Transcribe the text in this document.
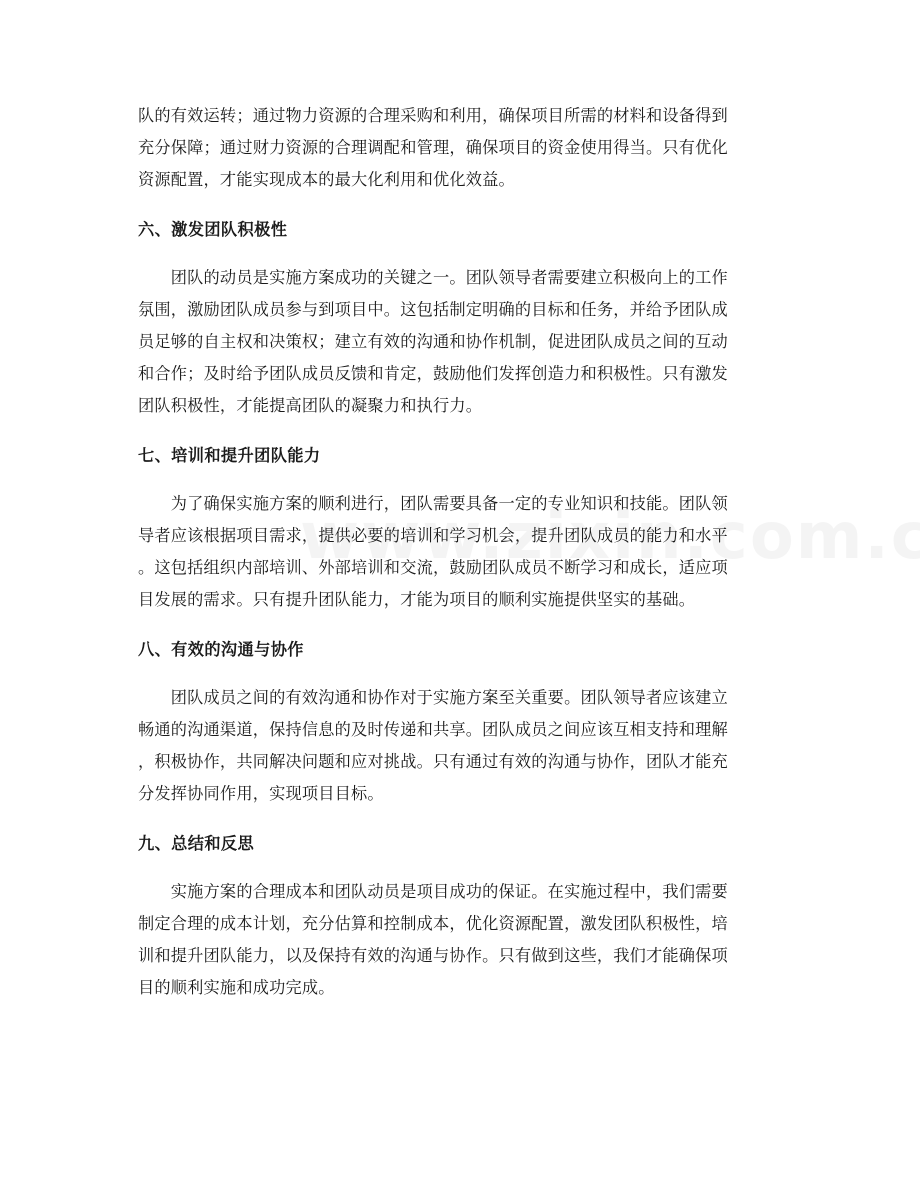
队的有效运转；通过物力资源的合理采购和利用，确保项目所需的材料和设备得到
充分保障；通过财力资源的合理调配和管理，确保项目的资金使用得当。只有优化
资源配置，才能实现成本的最大化利用和优化效益。

六、激发团队积极性

　　团队的动员是实施方案成功的关键之一。团队领导者需要建立积极向上的工作
氛围，激励团队成员参与到项目中。这包括制定明确的目标和任务，并给予团队成
员足够的自主权和决策权；建立有效的沟通和协作机制，促进团队成员之间的互动
和合作；及时给予团队成员反馈和肯定，鼓励他们发挥创造力和积极性。只有激发
团队积极性，才能提高团队的凝聚力和执行力。

七、培训和提升团队能力

　　为了确保实施方案的顺利进行，团队需要具备一定的专业知识和技能。团队领
导者应该根据项目需求，提供必要的培训和学习机会，提升团队成员的能力和水平
。这包括组织内部培训、外部培训和交流，鼓励团队成员不断学习和成长，适应项
目发展的需求。只有提升团队能力，才能为项目的顺利实施提供坚实的基础。

八、有效的沟通与协作

　　团队成员之间的有效沟通和协作对于实施方案至关重要。团队领导者应该建立
畅通的沟通渠道，保持信息的及时传递和共享。团队成员之间应该互相支持和理解
，积极协作，共同解决问题和应对挑战。只有通过有效的沟通与协作，团队才能充
分发挥协同作用，实现项目目标。

九、总结和反思

　　实施方案的合理成本和团队动员是项目成功的保证。在实施过程中，我们需要
制定合理的成本计划，充分估算和控制成本，优化资源配置，激发团队积极性，培
训和提升团队能力，以及保持有效的沟通与协作。只有做到这些，我们才能确保项
目的顺利实施和成功完成。
